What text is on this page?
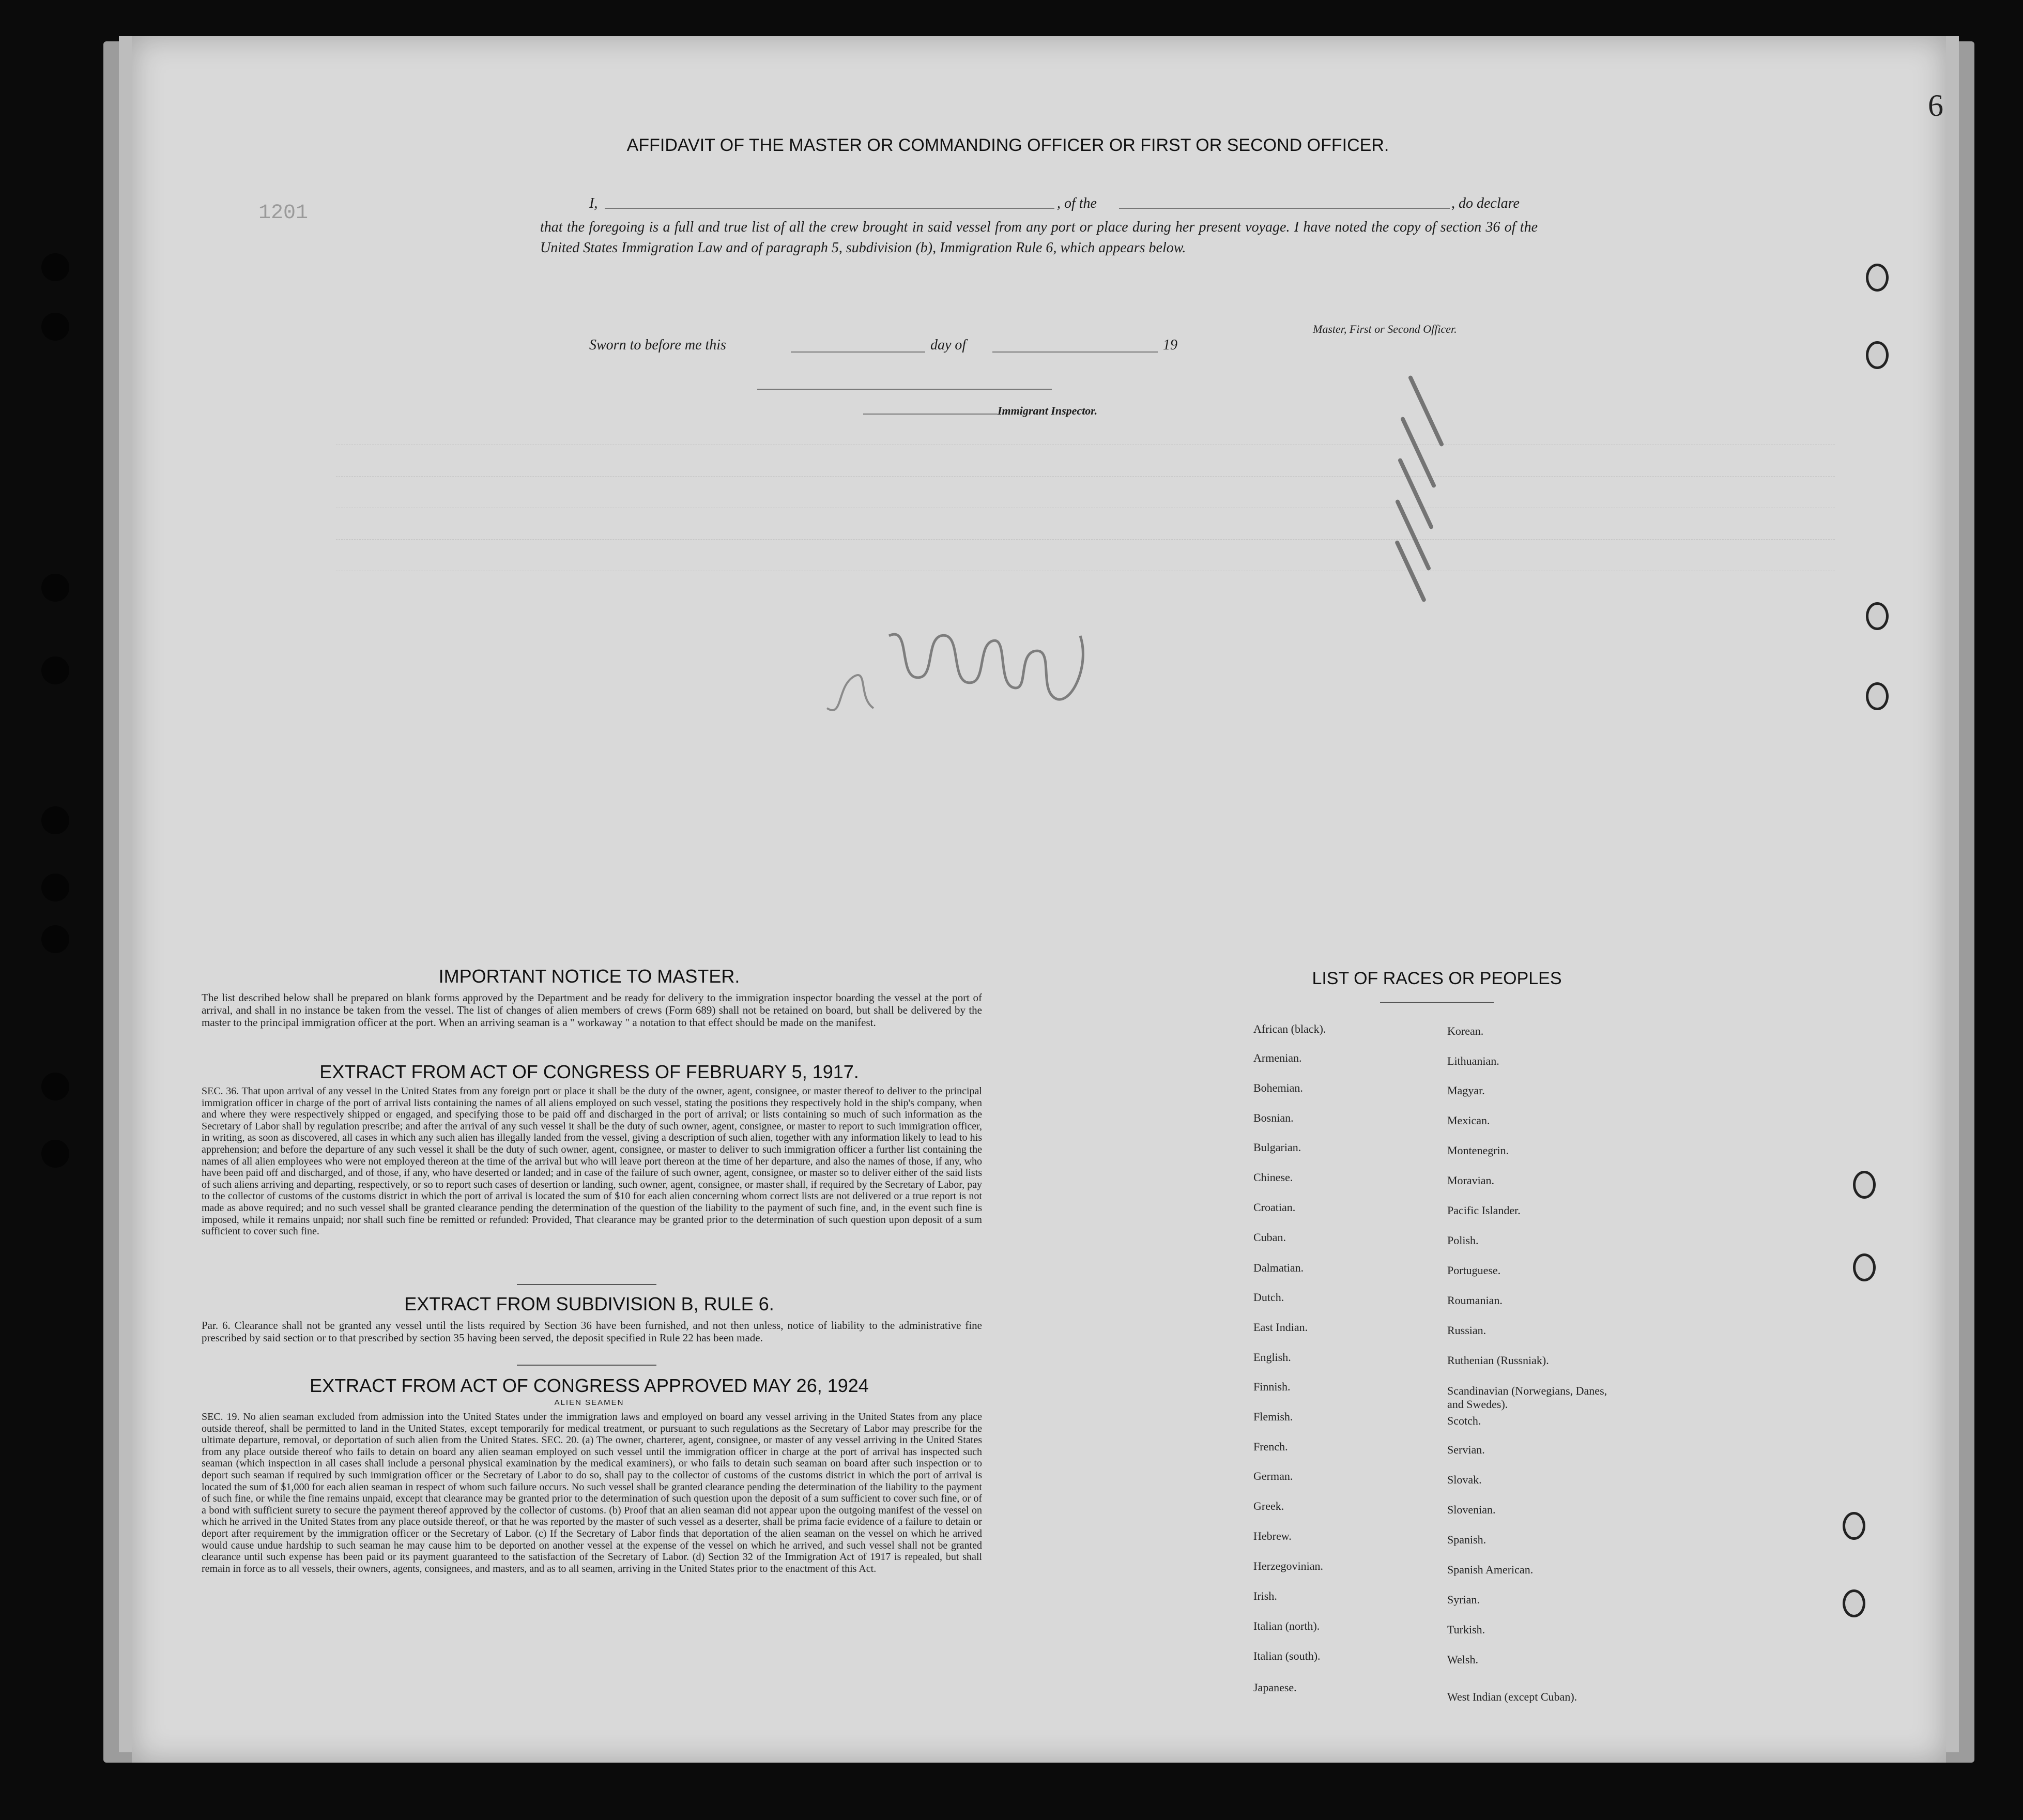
6
1201
AFFIDAVIT OF THE MASTER OR COMMANDING OFFICER OR FIRST OR SECOND OFFICER.
I,	, of the	, do declare
that the foregoing is a full and true list of all the crew brought in said vessel from any port or place during her present voyage. I have noted the copy of section 36 of the United States Immigration Law and of paragraph 5, subdivision (b), Immigration Rule 6, which appears below.
Master, First or Second Officer.
Sworn to before me this	day of	19
Immigrant Inspector.
IMPORTANT NOTICE TO MASTER.
The list described below shall be prepared on blank forms approved by the Department and be ready for delivery to the immigration inspector boarding the vessel at the port of arrival, and shall in no instance be taken from the vessel. The list of changes of alien members of crews (Form 689) shall not be retained on board, but shall be delivered by the master to the principal immigration officer at the port. When an arriving seaman is a " workaway " a notation to that effect should be made on the manifest.
EXTRACT FROM ACT OF CONGRESS OF FEBRUARY 5, 1917.
SEC. 36. That upon arrival of any vessel in the United States from any foreign port or place it shall be the duty of the owner, agent, consignee, or master thereof to deliver to the principal immigration officer in charge of the port of arrival lists containing the names of all aliens employed on such vessel, stating the positions they respectively hold in the ship's company, when and where they were respectively shipped or engaged, and specifying those to be paid off and discharged in the port of arrival; or lists containing so much of such information as the Secretary of Labor shall by regulation prescribe; and after the arrival of any such vessel it shall be the duty of such owner, agent, consignee, or master to report to such immigration officer, in writing, as soon as discovered, all cases in which any such alien has illegally landed from the vessel, giving a description of such alien, together with any information likely to lead to his apprehension; and before the departure of any such vessel it shall be the duty of such owner, agent, consignee, or master to deliver to such immigration officer a further list containing the names of all alien employees who were not employed thereon at the time of the arrival but who will leave port thereon at the time of her departure, and also the names of those, if any, who have been paid off and discharged, and of those, if any, who have deserted or landed; and in case of the failure of such owner, agent, consignee, or master so to deliver either of the said lists of such aliens arriving and departing, respectively, or so to report such cases of desertion or landing, such owner, agent, consignee, or master shall, if required by the Secretary of Labor, pay to the collector of customs of the customs district in which the port of arrival is located the sum of $10 for each alien concerning whom correct lists are not delivered or a true report is not made as above required; and no such vessel shall be granted clearance pending the determination of the question of the liability to the payment of such fine, and, in the event such fine is imposed, while it remains unpaid; nor shall such fine be remitted or refunded: Provided, That clearance may be granted prior to the determination of such question upon deposit of a sum sufficient to cover such fine.
EXTRACT FROM SUBDIVISION B, RULE 6.
Par. 6. Clearance shall not be granted any vessel until the lists required by Section 36 have been furnished, and not then unless, notice of liability to the administrative fine prescribed by said section or to that prescribed by section 35 having been served, the deposit specified in Rule 22 has been made.
EXTRACT FROM ACT OF CONGRESS APPROVED MAY 26, 1924
ALIEN SEAMEN
SEC. 19. No alien seaman excluded from admission into the United States under the immigration laws and employed on board any vessel arriving in the United States from any place outside thereof, shall be permitted to land in the United States, except temporarily for medical treatment, or pursuant to such regulations as the Secretary of Labor may prescribe for the ultimate departure, removal, or deportation of such alien from the United States. SEC. 20. (a) The owner, charterer, agent, consignee, or master of any vessel arriving in the United States from any place outside thereof who fails to detain on board any alien seaman employed on such vessel until the immigration officer in charge at the port of arrival has inspected such seaman (which inspection in all cases shall include a personal physical examination by the medical examiners), or who fails to detain such seaman on board after such inspection or to deport such seaman if required by such immigration officer or the Secretary of Labor to do so, shall pay to the collector of customs of the customs district in which the port of arrival is located the sum of $1,000 for each alien seaman in respect of whom such failure occurs. No such vessel shall be granted clearance pending the determination of the liability to the payment of such fine, or while the fine remains unpaid, except that clearance may be granted prior to the determination of such question upon the deposit of a sum sufficient to cover such fine, or of a bond with sufficient surety to secure the payment thereof approved by the collector of customs. (b) Proof that an alien seaman did not appear upon the outgoing manifest of the vessel on which he arrived in the United States from any place outside thereof, or that he was reported by the master of such vessel as a deserter, shall be prima facie evidence of a failure to detain or deport after requirement by the immigration officer or the Secretary of Labor. (c) If the Secretary of Labor finds that deportation of the alien seaman on the vessel on which he arrived would cause undue hardship to such seaman he may cause him to be deported on another vessel at the expense of the vessel on which he arrived, and such vessel shall not be granted clearance until such expense has been paid or its payment guaranteed to the satisfaction of the Secretary of Labor. (d) Section 32 of the Immigration Act of 1917 is repealed, but shall remain in force as to all vessels, their owners, agents, consignees, and masters, and as to all seamen, arriving in the United States prior to the enactment of this Act.
LIST OF RACES OR PEOPLES
African (black).
Armenian.
Bohemian.
Bosnian.
Bulgarian.
Chinese.
Croatian.
Cuban.
Dalmatian.
Dutch.
East Indian.
English.
Finnish.
Flemish.
French.
German.
Greek.
Hebrew.
Herzegovinian.
Irish.
Italian (north).
Italian (south).
Japanese.
Korean.
Lithuanian.
Magyar.
Mexican.
Montenegrin.
Moravian.
Pacific Islander.
Polish.
Portuguese.
Roumanian.
Russian.
Ruthenian (Russniak).
Scandinavian (Norwegians, Danes, and Swedes).
Scotch.
Servian.
Slovak.
Slovenian.
Spanish.
Spanish American.
Syrian.
Turkish.
Welsh.
West Indian (except Cuban).
